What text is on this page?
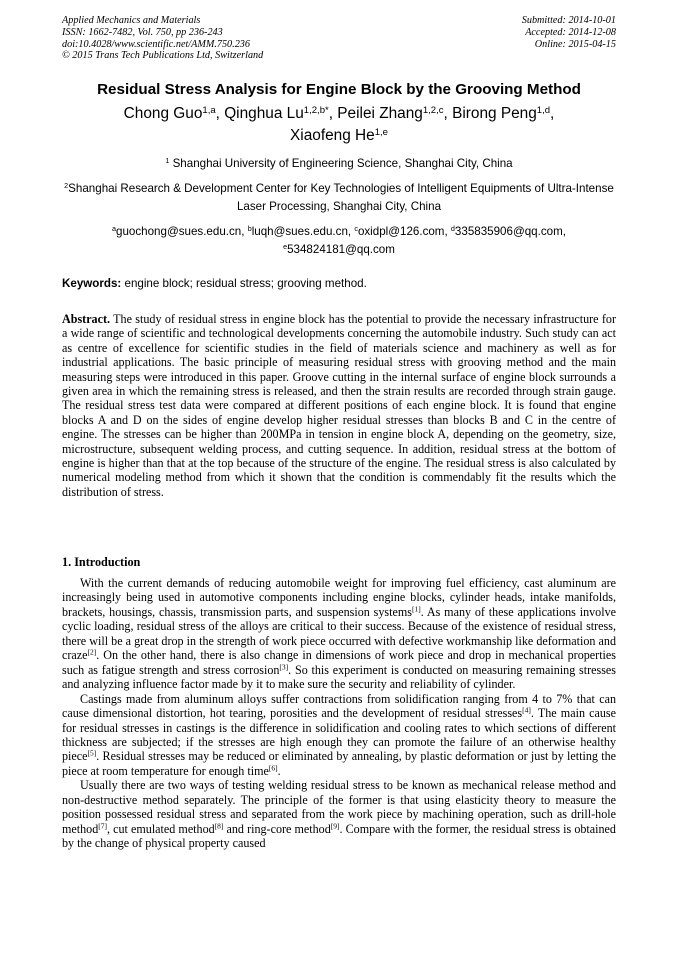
Applied Mechanics and Materials
ISSN: 1662-7482, Vol. 750, pp 236-243
doi:10.4028/www.scientific.net/AMM.750.236
© 2015 Trans Tech Publications Ltd, Switzerland
Submitted: 2014-10-01
Accepted: 2014-12-08
Online: 2015-04-15
Residual Stress Analysis for Engine Block by the Grooving Method
Chong Guo$^{1,a}$, Qinghua $Lu^{1,2,b*}$, Peilei Zhang$^{1,2,c}$, Birong Peng$^{1,d}$,
Xiaofeng He$^{1,e}$
$^1$ Shanghai University of Engineering Science, Shanghai City, China
$^2$Shanghai Research & Development Center for Key Technologies of Intelligent Equipments of Ultra-Intense Laser Processing, Shanghai City, China
$^a$guochong@sues.edu.cn, $^b$luqh@sues.edu.cn, $^c$oxidpl@126.com, $^d$335835906@qq.com,
$^e$534824181@qq.com
Keywords: engine block; residual stress; grooving method.
Abstract. The study of residual stress in engine block has the potential to provide the necessary infrastructure for a wide range of scientific and technological developments concerning the automobile industry. Such study can act as centre of excellence for scientific studies in the field of materials science and machinery as well as for industrial applications. The basic principle of measuring residual stress with grooving method and the main measuring steps were introduced in this paper. Groove cutting in the internal surface of engine block surrounds a given area in which the remaining stress is released, and then the strain results are recorded through strain gauge. The residual stress test data were compared at different positions of each engine block. It is found that engine blocks A and D on the sides of engine develop higher residual stresses than blocks B and C in the centre of engine. The stresses can be higher than 200MPa in tension in engine block A, depending on the geometry, size, microstructure, subsequent welding process, and cutting sequence. In addition, residual stress at the bottom of engine is higher than that at the top because of the structure of the engine. The residual stress is also calculated by numerical modeling method from which it shown that the condition is commendably fit the results which the distribution of stress.
1. Introduction

With the current demands of reducing automobile weight for improving fuel efficiency, cast aluminum are increasingly being used in automotive components including engine blocks, cylinder heads, intake manifolds, brackets, housings, chassis, transmission parts, and suspension systems[1]. As many of these applications involve cyclic loading, residual stress of the alloys are critical to their success. Because of the existence of residual stress, there will be a great drop in the strength of work piece occurred with defective workmanship like deformation and craze[2]. On the other hand, there is also change in dimensions of work piece and drop in mechanical properties such as fatigue strength and stress corrosion[3]. So this experiment is conducted on measuring remaining stresses and analyzing influence factor made by it to make sure the security and reliability of cylinder.

Castings made from aluminum alloys suffer contractions from solidification ranging from 4 to 7% that can cause dimensional distortion, hot tearing, porosities and the development of residual stresses[4]. The main cause for residual stresses in castings is the difference in solidification and cooling rates to which sections of different thickness are subjected; if the stresses are high enough they can promote the failure of an otherwise healthy piece[5]. Residual stresses may be reduced or eliminated by annealing, by plastic deformation or just by letting the piece at room temperature for enough time[6].

Usually there are two ways of testing welding residual stress to be known as mechanical release method and non-destructive method separately. The principle of the former is that using elasticity theory to measure the position possessed residual stress and separated from the work piece by machining operation, such as drill-hole method[7], cut emulated method[8] and ring-core method[9]. Compare with the former, the residual stress is obtained by the change of physical property caused
